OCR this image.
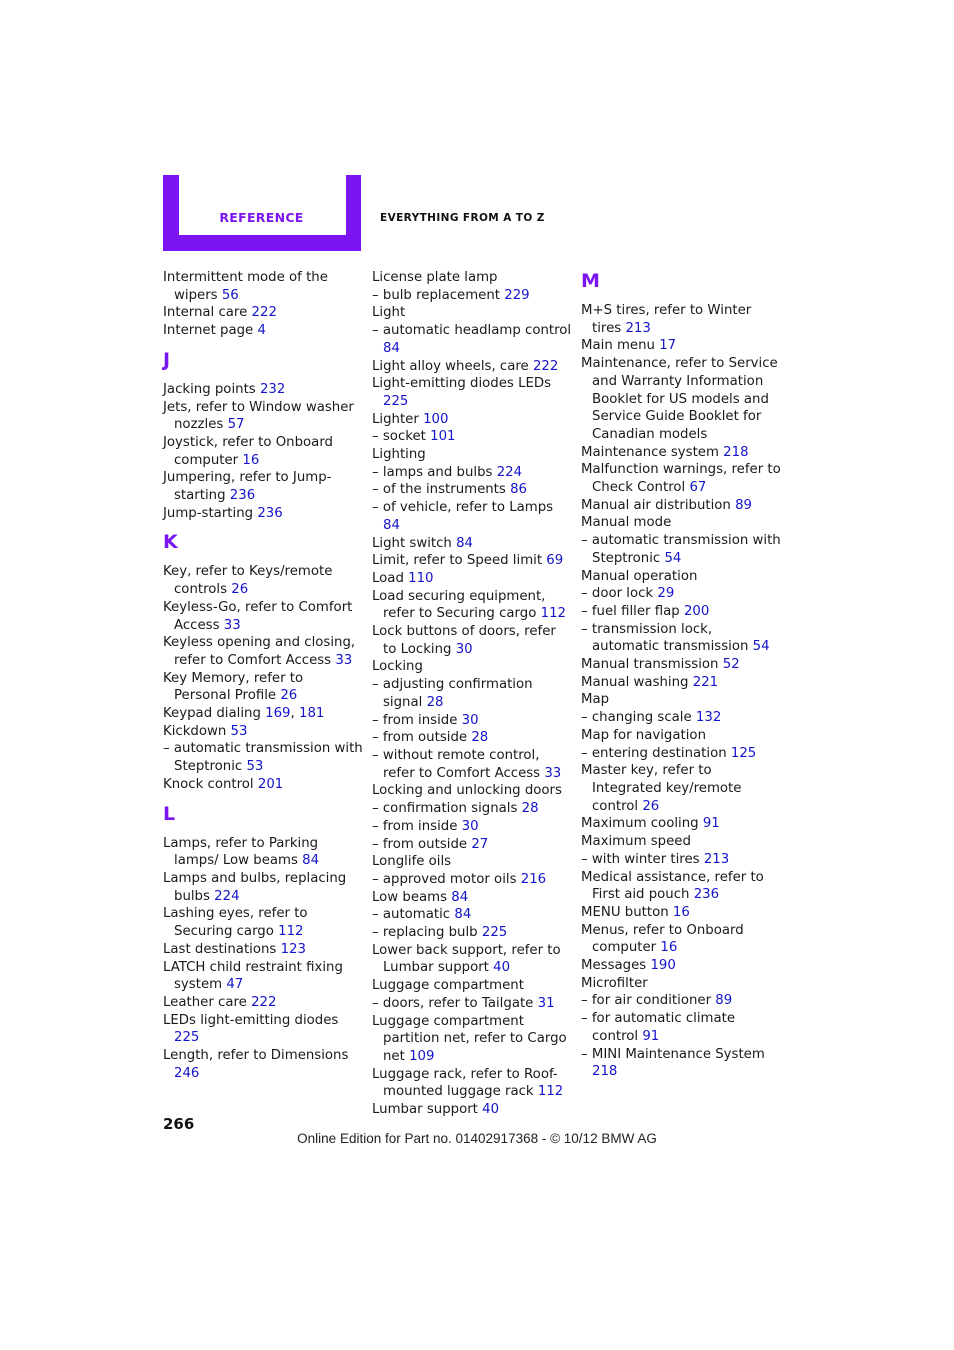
REFERENCE	EVERYTHING FROM A TO Z
Intermittent mode of the wipers 56
Internal care 222
Internet page 4
J
Jacking points 232
Jets, refer to Window washer nozzles 57
Joystick, refer to Onboard computer 16
Jumpering, refer to Jump-starting 236
Jump-starting 236
K
Key, refer to Keys/remote controls 26
Keyless-Go, refer to Comfort Access 33
Keyless opening and closing, refer to Comfort Access 33
Key Memory, refer to Personal Profile 26
Keypad dialing 169, 181
Kickdown 53
– automatic transmission with Steptronic 53
Knock control 201
L
Lamps, refer to Parking lamps/ Low beams 84
Lamps and bulbs, replacing bulbs 224
Lashing eyes, refer to Securing cargo 112
Last destinations 123
LATCH child restraint fixing system 47
Leather care 222
LEDs light-emitting diodes 225
Length, refer to Dimensions 246
License plate lamp
– bulb replacement 229
Light
– automatic headlamp control 84
Light alloy wheels, care 222
Light-emitting diodes LEDs 225
Lighter 100
– socket 101
Lighting
– lamps and bulbs 224
– of the instruments 86
– of vehicle, refer to Lamps 84
Light switch 84
Limit, refer to Speed limit 69
Load 110
Load securing equipment, refer to Securing cargo 112
Lock buttons of doors, refer to Locking 30
Locking
– adjusting confirmation signal 28
– from inside 30
– from outside 28
– without remote control, refer to Comfort Access 33
Locking and unlocking doors
– confirmation signals 28
– from inside 30
– from outside 27
Longlife oils
– approved motor oils 216
Low beams 84
– automatic 84
– replacing bulb 225
Lower back support, refer to Lumbar support 40
Luggage compartment
– doors, refer to Tailgate 31
Luggage compartment partition net, refer to Cargo net 109
Luggage rack, refer to Roof-mounted luggage rack 112
Lumbar support 40
M
M+S tires, refer to Winter tires 213
Main menu 17
Maintenance, refer to Service and Warranty Information Booklet for US models and Service Guide Booklet for Canadian models
Maintenance system 218
Malfunction warnings, refer to Check Control 67
Manual air distribution 89
Manual mode
– automatic transmission with Steptronic 54
Manual operation
– door lock 29
– fuel filler flap 200
– transmission lock, automatic transmission 54
Manual transmission 52
Manual washing 221
Map
– changing scale 132
Map for navigation
– entering destination 125
Master key, refer to Integrated key/remote control 26
Maximum cooling 91
Maximum speed
– with winter tires 213
Medical assistance, refer to First aid pouch 236
MENU button 16
Menus, refer to Onboard computer 16
Messages 190
Microfilter
– for air conditioner 89
– for automatic climate control 91
– MINI Maintenance System 218
266
Online Edition for Part no. 01402917368 - © 10/12 BMW AG
